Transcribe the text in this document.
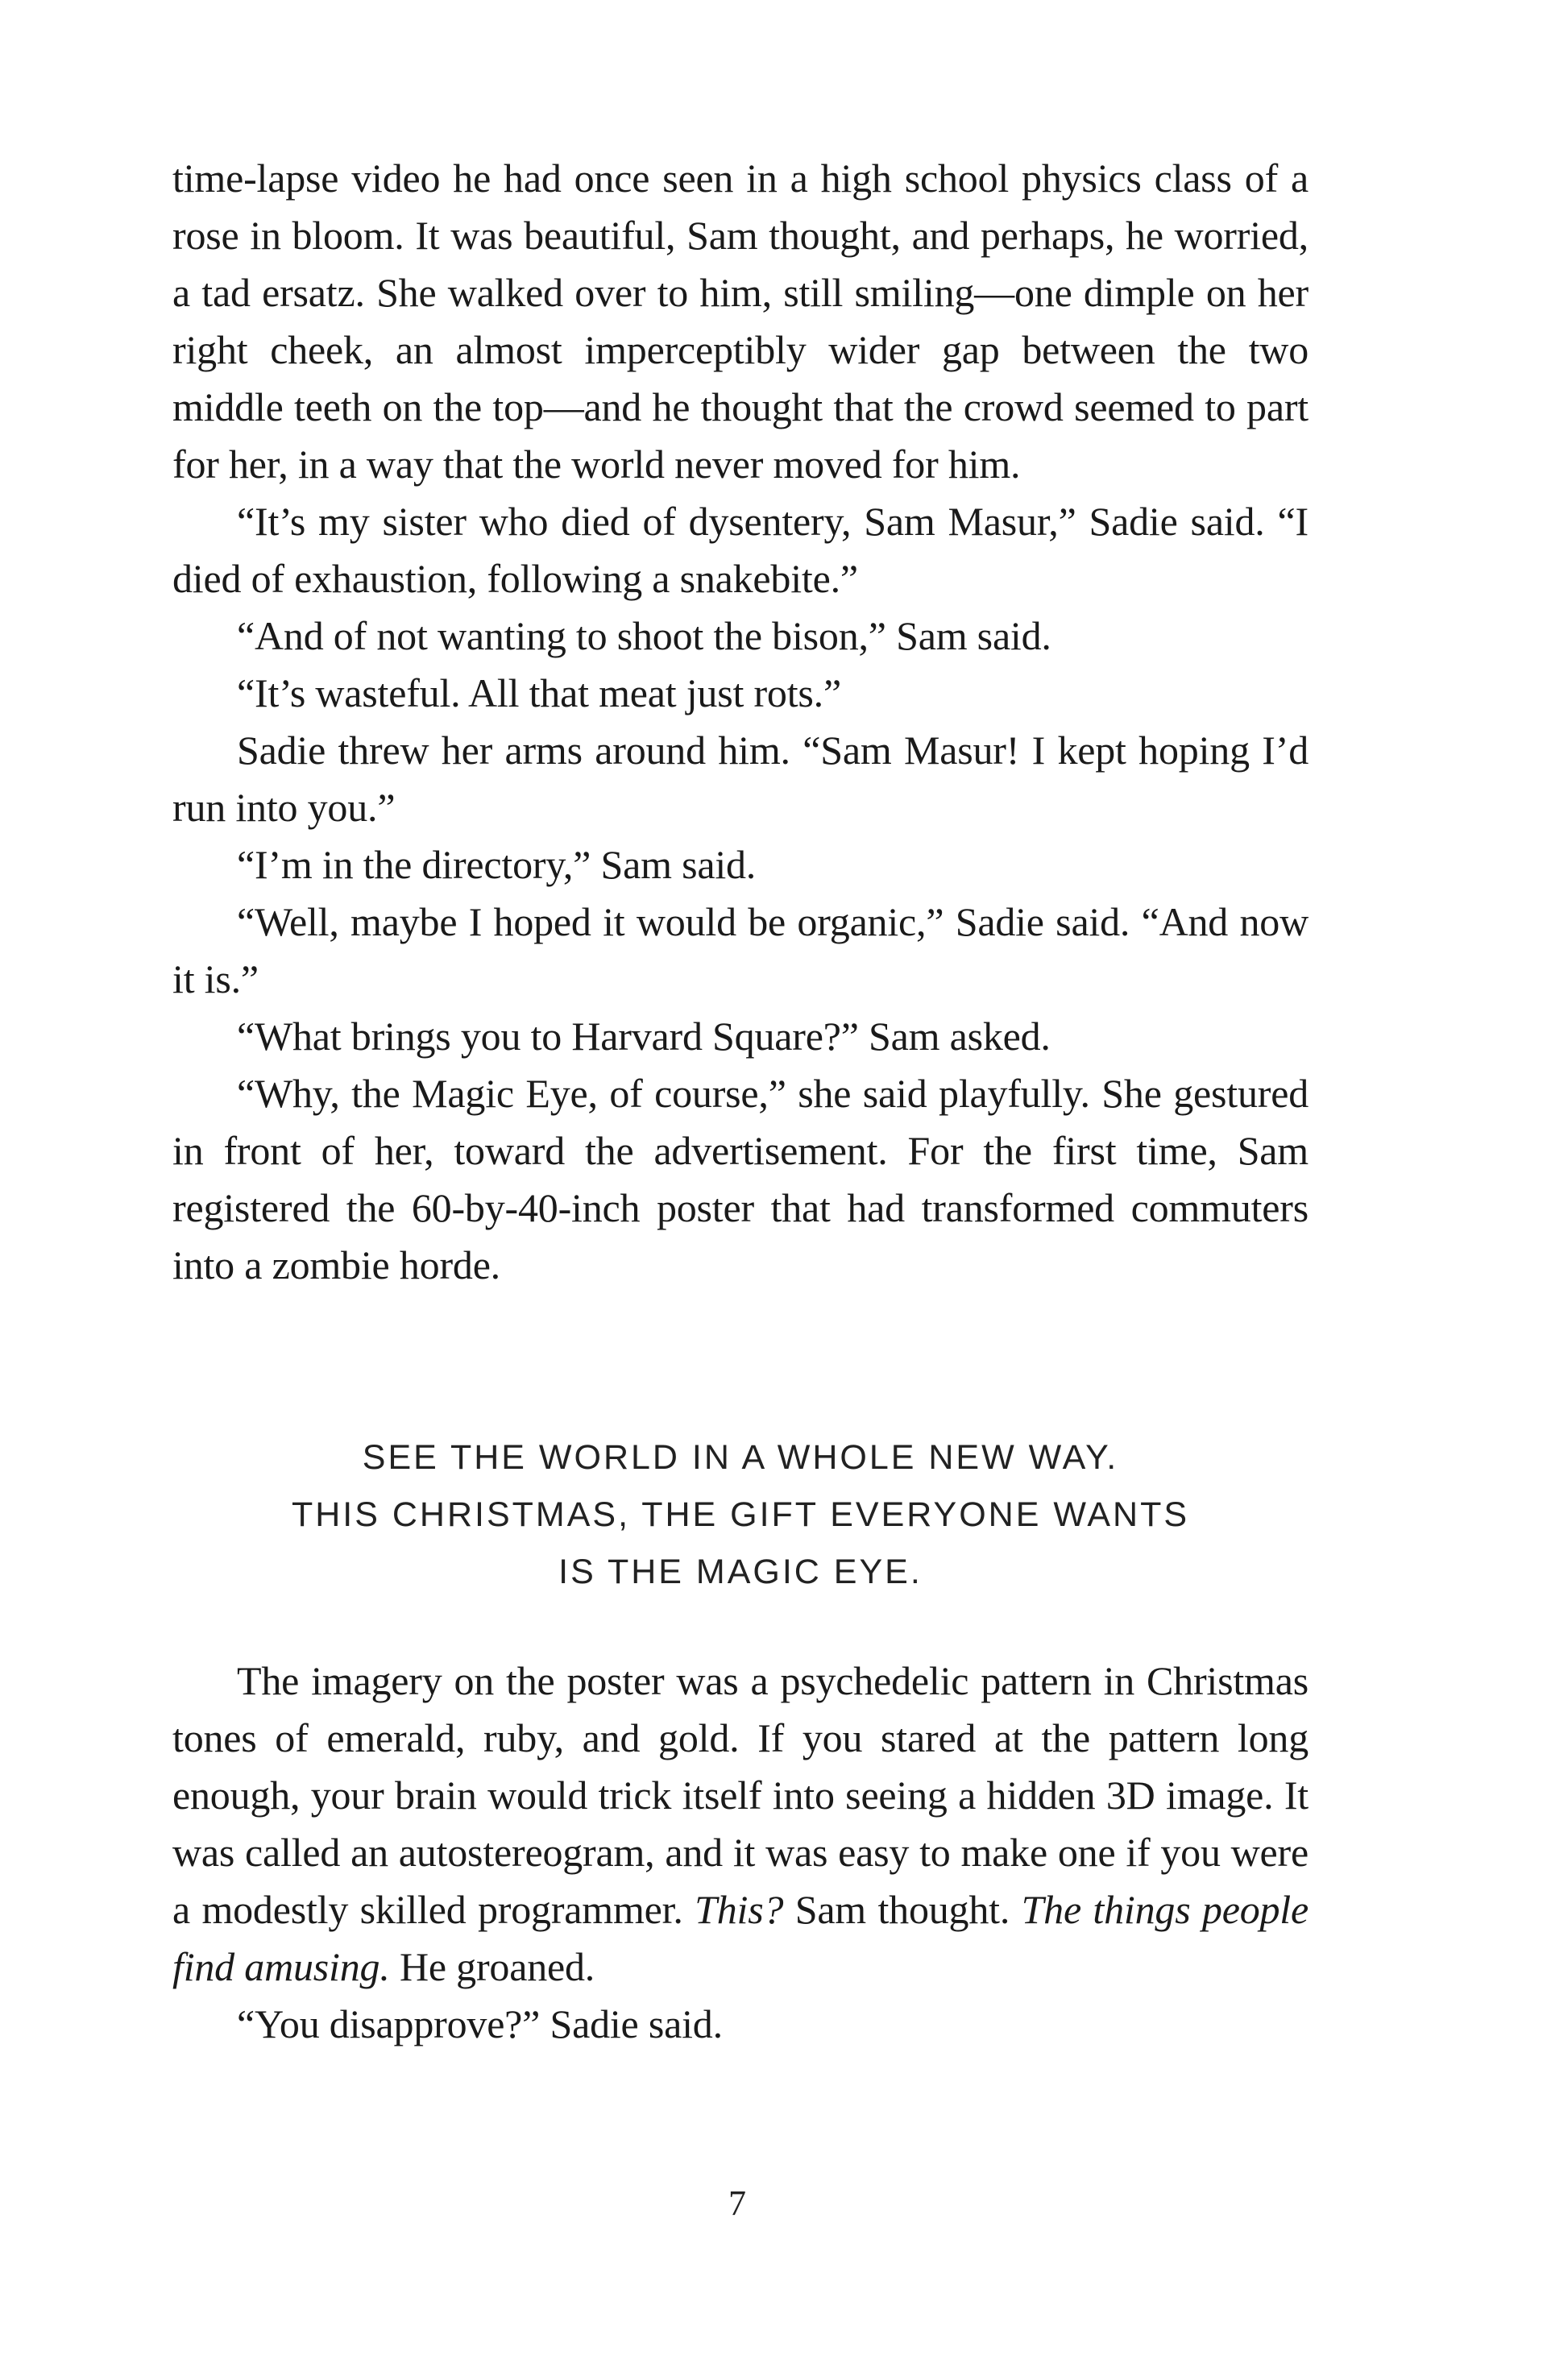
time-lapse video he had once seen in a high school physics class of a rose in bloom. It was beautiful, Sam thought, and perhaps, he worried, a tad ersatz. She walked over to him, still smiling—one dimple on her right cheek, an almost imperceptibly wider gap between the two middle teeth on the top—and he thought that the crowd seemed to part for her, in a way that the world never moved for him.

“It’s my sister who died of dysentery, Sam Masur,” Sadie said. “I died of exhaustion, following a snakebite.”

“And of not wanting to shoot the bison,” Sam said.

“It’s wasteful. All that meat just rots.”

Sadie threw her arms around him. “Sam Masur! I kept hoping I’d run into you.”

“I’m in the directory,” Sam said.

“Well, maybe I hoped it would be organic,” Sadie said. “And now it is.”

“What brings you to Harvard Square?” Sam asked.

“Why, the Magic Eye, of course,” she said playfully. She gestured in front of her, toward the advertisement. For the first time, Sam registered the 60-by-40-inch poster that had transformed commuters into a zombie horde.

SEE THE WORLD IN A WHOLE NEW WAY.
THIS CHRISTMAS, THE GIFT EVERYONE WANTS
IS THE MAGIC EYE.

The imagery on the poster was a psychedelic pattern in Christmas tones of emerald, ruby, and gold. If you stared at the pattern long enough, your brain would trick itself into seeing a hidden 3D image. It was called an autostereogram, and it was easy to make one if you were a modestly skilled programmer. This? Sam thought. The things people find amusing. He groaned.

“You disapprove?” Sadie said.

7
